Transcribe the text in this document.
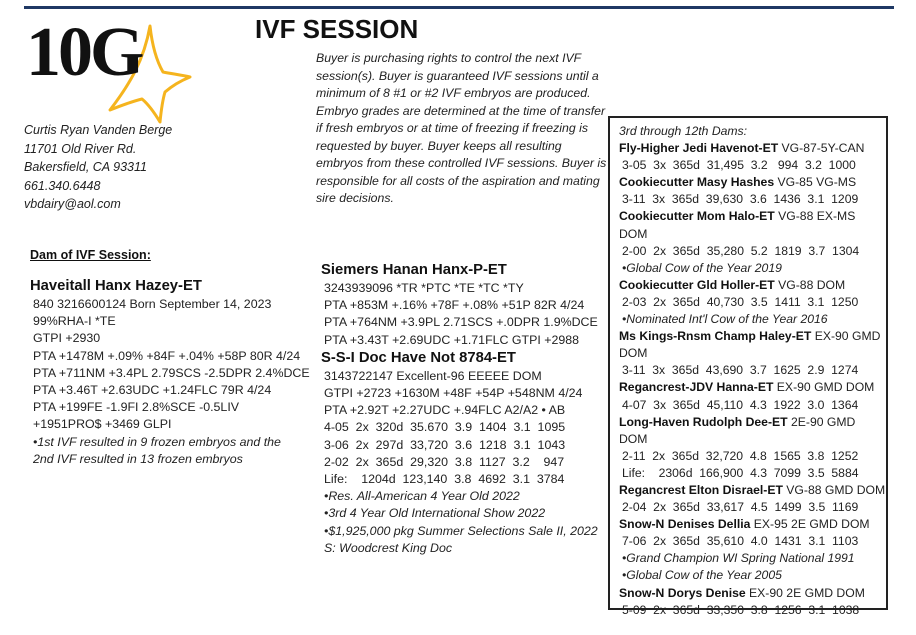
10G
Curtis Ryan Vanden Berge
11701 Old River Rd.
Bakersfield, CA 93311
661.340.6448
vbdairy@aol.com
IVF SESSION
Buyer is purchasing rights to control the next IVF session(s). Buyer is guaranteed IVF sessions until a minimum of 8 #1 or #2 IVF embryos are produced. Embryo grades are determined at the time of transfer if fresh embryos or at time of freezing if freezing is requested by buyer. Buyer keeps all resulting embryos from these controlled IVF sessions. Buyer is responsible for all costs of the aspiration and mating sire decisions.
Dam of IVF Session:
Haveitall Hanx Hazey-ET
840 3216600124 Born September 14, 2023
99%RHA-I *TE
GTPI +2930
PTA +1478M +.09% +84F +.04% +58P 80R 4/24
PTA +711NM +3.4PL 2.79SCS -2.5DPR 2.4%DCE
PTA +3.46T +2.63UDC +1.24FLC 79R 4/24
PTA +199FE -1.9FI 2.8%SCE -0.5LIV
+1951PRO$ +3469 GLPI
•1st IVF resulted in 9 frozen embryos and the
2nd IVF resulted in 13 frozen embryos
Siemers Hanan Hanx-P-ET
3243939096 *TR *PTC *TE *TC *TY
PTA +853M +.16% +78F +.08% +51P 82R 4/24
PTA +764NM +3.9PL 2.71SCS +.0DPR 1.9%DCE
PTA +3.43T +2.69UDC +1.71FLC GTPI +2988
S-S-I Doc Have Not 8784-ET
3143722147 Excellent-96 EEEEE DOM
GTPI +2723 +1630M +48F +54P +548NM 4/24
PTA +2.92T +2.27UDC +.94FLC A2/A2 • AB
4-05  2x  320d  35.670  3.9  1404  3.1  1095
3-06  2x  297d  33,720  3.6  1218  3.1  1043
2-02  2x  365d  29,320  3.8  1127  3.2    947
Life:    1204d  123,140  3.8  4692  3.1  3784
•Res. All-American 4 Year Old 2022
•3rd 4 Year Old International Show 2022
•$1,925,000 pkg Summer Selections Sale II, 2022
S: Woodcrest King Doc
3rd through 12th Dams:
Fly-Higher Jedi Havenot-ET VG-87-5Y-CAN
3-05  3x  365d  31,495  3.2   994  3.2  1000
Cookiecutter Masy Hashes VG-85 VG-MS
3-11  3x  365d  39,630  3.6  1436  3.1  1209
Cookiecutter Mom Halo-ET VG-88 EX-MS DOM
2-00  2x  365d  35,280  5.2  1819  3.7  1304
•Global Cow of the Year 2019
Cookiecutter Gld Holler-ET VG-88 DOM
2-03  2x  365d  40,730  3.5  1411  3.1  1250
•Nominated Int'l Cow of the Year 2016
Ms Kings-Rnsm Champ Haley-ET EX-90 GMD DOM
3-11  3x  365d  43,690  3.7  1625  2.9  1274
Regancrest-JDV Hanna-ET EX-90 GMD DOM
4-07  3x  365d  45,110  4.3  1922  3.0  1364
Long-Haven Rudolph Dee-ET 2E-90 GMD DOM
2-11  2x  365d  32,720  4.8  1565  3.8  1252
Life:    2306d  166,900  4.3  7099  3.5  5884
Regancrest Elton Disrael-ET VG-88 GMD DOM
2-04  2x  365d  33,617  4.5  1499  3.5  1169
Snow-N Denises Dellia EX-95 2E GMD DOM
7-06  2x  365d  35,610  4.0  1431  3.1  1103
•Grand Champion WI Spring National 1991
•Global Cow of the Year 2005
Snow-N Dorys Denise EX-90 2E GMD DOM
5-09  2x  365d  33,350  3.8  1256  3.1  1038
